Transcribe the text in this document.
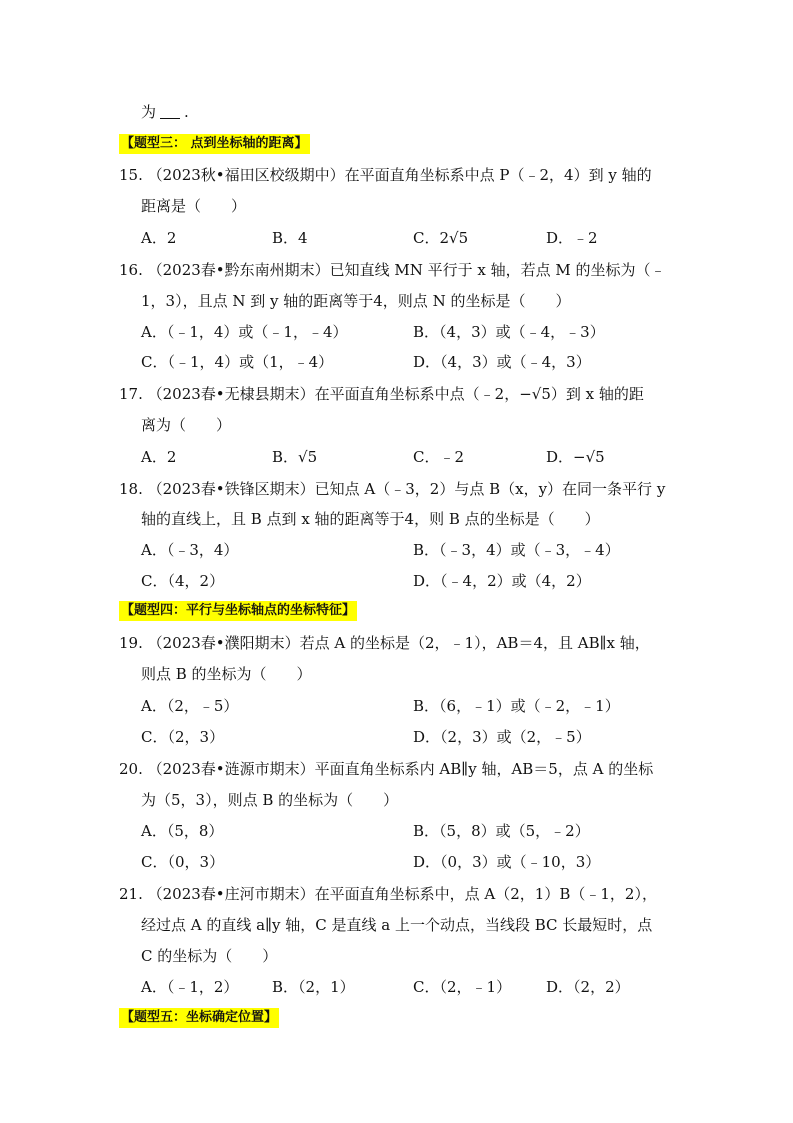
为 .
【题型三： 点到坐标轴的距离】
15. （2023秋•福田区校级期中）在平面直角坐标系中点 P（﹣2，4）到 y 轴的
距离是（　　）
A．2	B．4	C．2√5	D．﹣2
16. （2023春•黔东南州期末）已知直线 MN 平行于 x 轴，若点 M 的坐标为（﹣
1，3），且点 N 到 y 轴的距离等于4，则点 N 的坐标是（　　）
A．（﹣1，4）或（﹣1，﹣4）	B．（4，3）或（﹣4，﹣3）
C．（﹣1，4）或（1，﹣4）	D．（4，3）或（﹣4，3）
17. （2023春•无棣县期末）在平面直角坐标系中点（﹣2，−√5）到 x 轴的距
离为（　　）
A．2	B．√5	C．﹣2	D．−√5
18. （2023春•铁锋区期末）已知点 A（﹣3，2）与点 B（x，y）在同一条平行 y
轴的直线上，且 B 点到 x 轴的距离等于4，则 B 点的坐标是（　　）
A．（﹣3，4）	B．（﹣3，4）或（﹣3，﹣4）
C．（4，2）	D．（﹣4，2）或（4，2）
【题型四：平行与坐标轴点的坐标特征】
19. （2023春•濮阳期末）若点 A 的坐标是（2，﹣1），AB＝4，且 AB∥x 轴，
则点 B 的坐标为（　　）
A．（2，﹣5）	B．（6，﹣1）或（﹣2，﹣1）
C．（2，3）	D．（2，3）或（2，﹣5）
20. （2023春•涟源市期末）平面直角坐标系内 AB∥y 轴，AB＝5，点 A 的坐标
为（5，3），则点 B 的坐标为（　　）
A．（5，8）	B．（5，8）或（5，﹣2）
C．（0，3）	D．（0，3）或（﹣10，3）
21. （2023春•庄河市期末）在平面直角坐标系中，点 A（2，1）B（﹣1，2），
经过点 A 的直线 a∥y 轴，C 是直线 a 上一个动点，当线段 BC 长最短时，点
C 的坐标为（　　）
A．（﹣1，2） B．（2，1）	C．（2，﹣1） D．（2，2）
【题型五：坐标确定位置】
